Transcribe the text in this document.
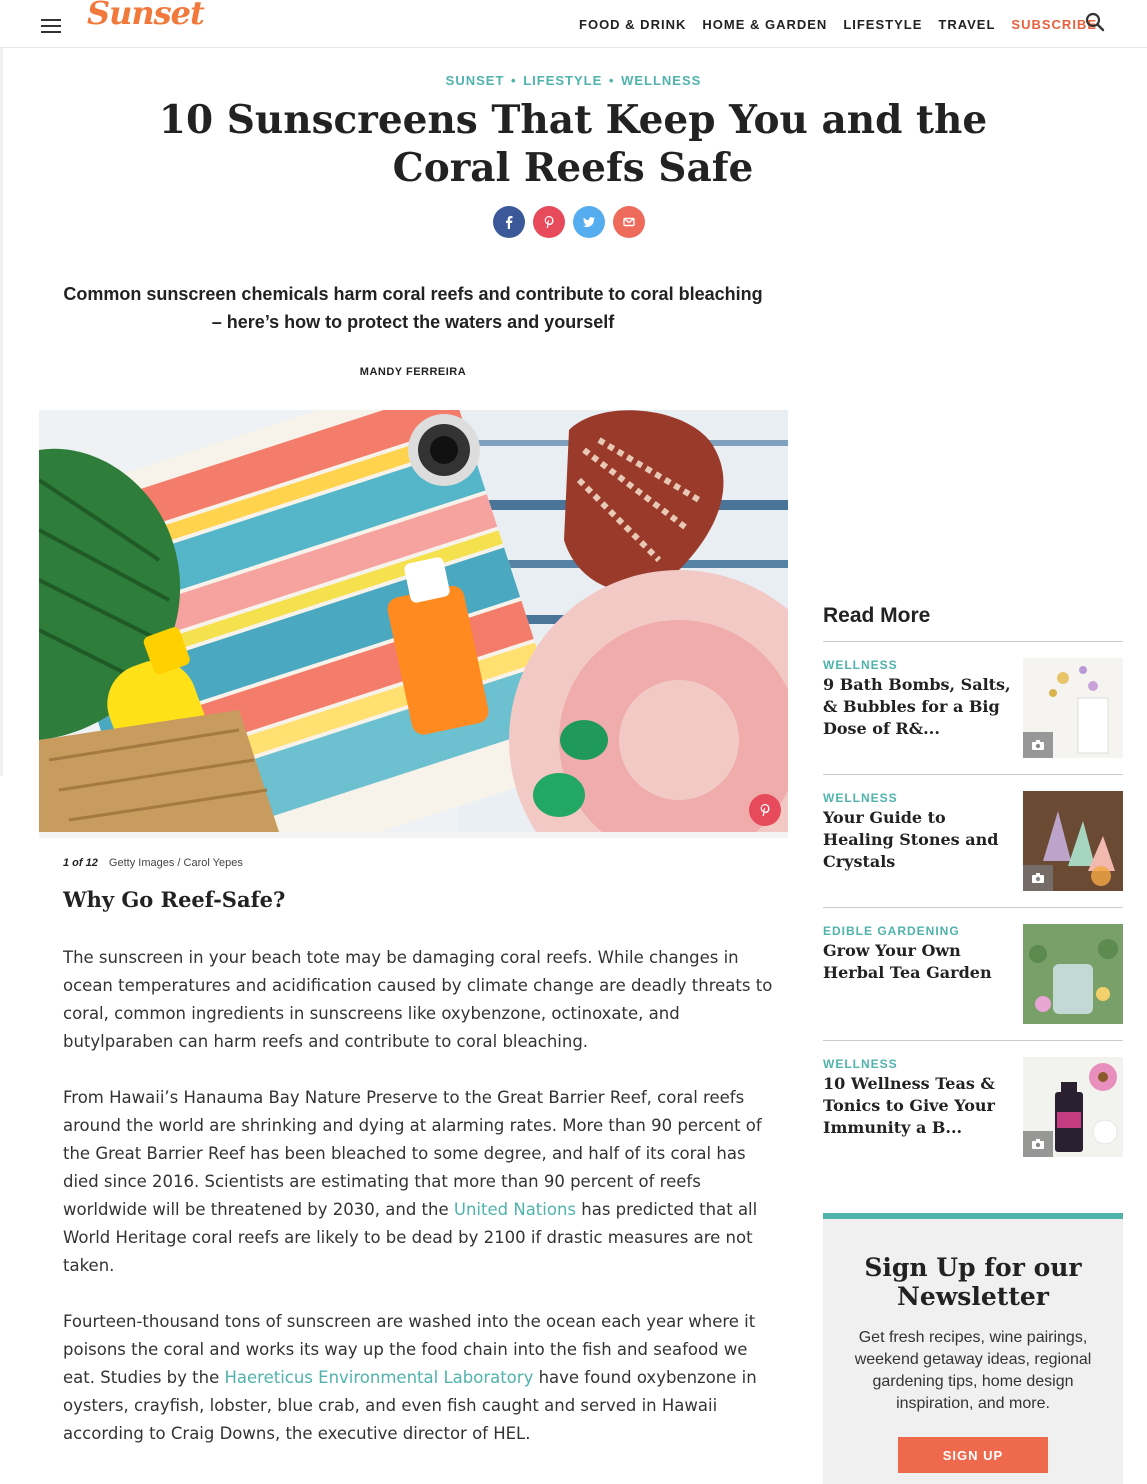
Sunset	FOOD & DRINK HOME & GARDEN LIFESTYLE TRAVEL SUBSCRIBE
SUNSET • LIFESTYLE • WELLNESS
10 Sunscreens That Keep You and the Coral Reefs Safe

Common sunscreen chemicals harm coral reefs and contribute to coral bleaching – here’s how to protect the waters and yourself

MANDY FERREIRA
1 of 12 Getty Images / Carol Yepes
Why Go Reef-Safe?

The sunscreen in your beach tote may be damaging coral reefs. While changes in ocean temperatures and acidification caused by climate change are deadly threats to coral, common ingredients in sunscreens like oxybenzone, octinoxate, and butylparaben can harm reefs and contribute to coral bleaching.

From Hawaii’s Hanauma Bay Nature Preserve to the Great Barrier Reef, coral reefs around the world are shrinking and dying at alarming rates. More than 90 percent of the Great Barrier Reef has been bleached to some degree, and half of its coral has died since 2016. Scientists are estimating that more than 90 percent of reefs worldwide will be threatened by 2030, and the United Nations has predicted that all World Heritage coral reefs are likely to be dead by 2100 if drastic measures are not taken.

Fourteen-thousand tons of sunscreen are washed into the ocean each year where it poisons the coral and works its way up the food chain into the fish and seafood we eat. Studies by the Haereticus Environmental Laboratory have found oxybenzone in oysters, crayfish, lobster, blue crab, and even fish caught and served in Hawaii according to Craig Downs, the executive director of HEL.

Read More
WELLNESS
9 Bath Bombs, Salts, & Bubbles for a Big Dose of R&...
WELLNESS
Your Guide to Healing Stones and Crystals
EDIBLE GARDENING
Grow Your Own Herbal Tea Garden
WELLNESS
10 Wellness Teas & Tonics to Give Your Immunity a B...
Sign Up for our Newsletter
Get fresh recipes, wine pairings, weekend getaway ideas, regional gardening tips, home design inspiration, and more.
SIGN UP
